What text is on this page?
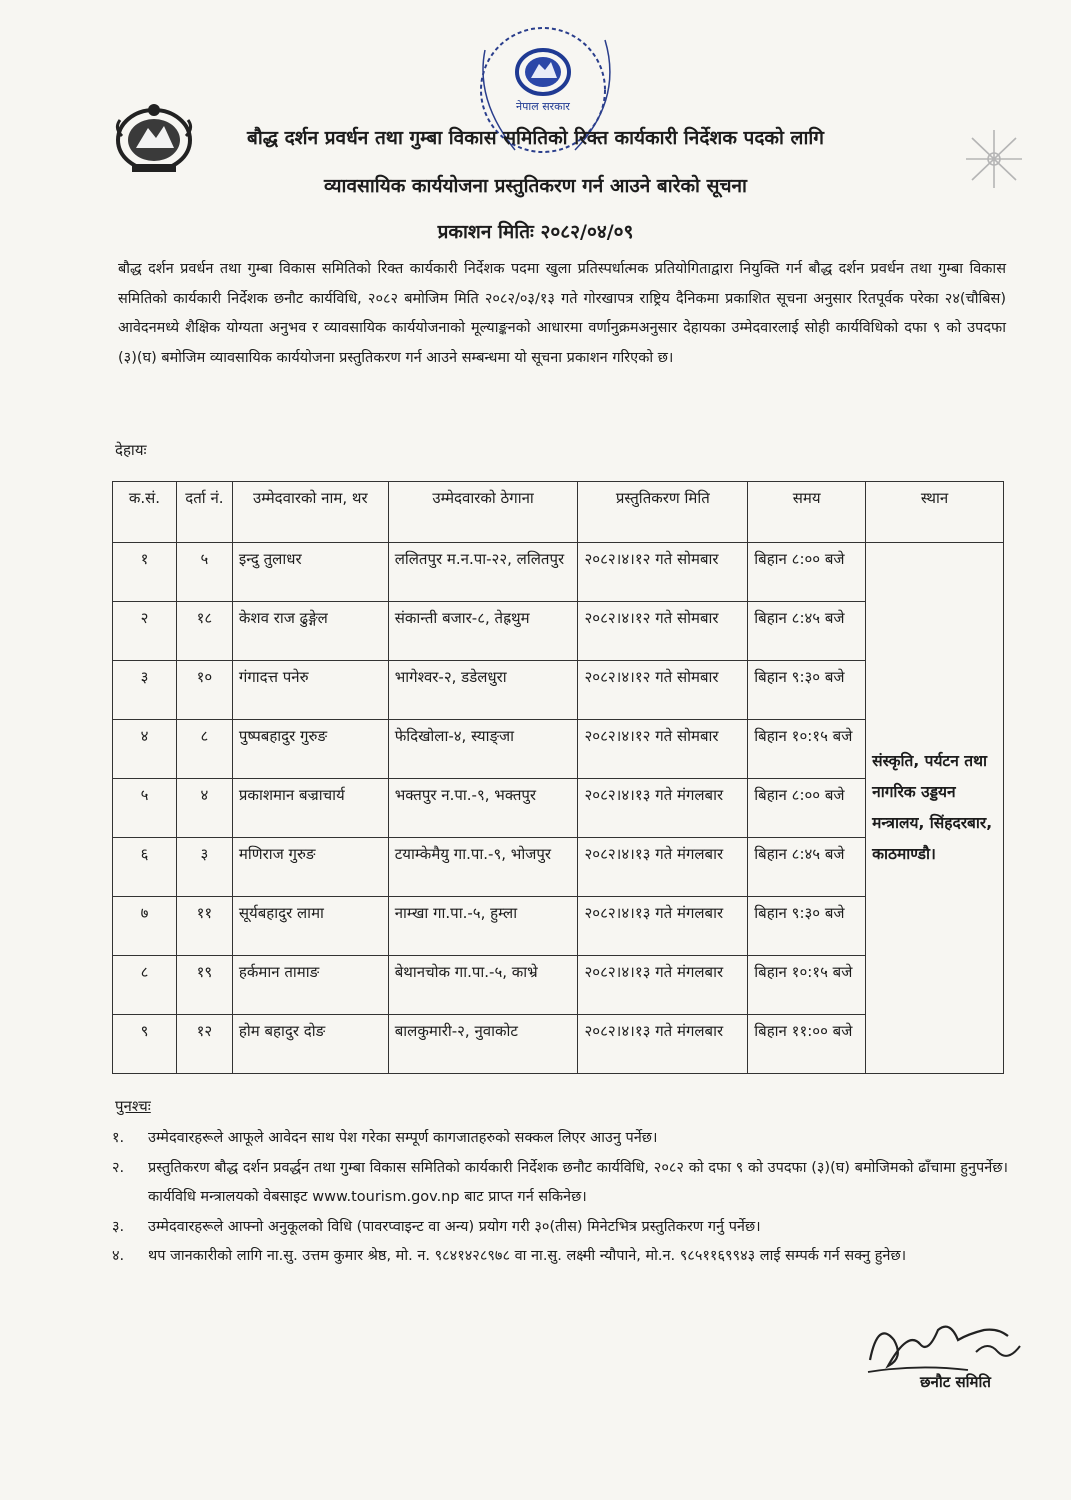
नेपाल सरकार
बौद्ध दर्शन प्रवर्धन तथा गुम्बा विकास समितिको रिक्त कार्यकारी निर्देशक पदको लागि
व्यावसायिक कार्ययोजना प्रस्तुतिकरण गर्न आउने बारेको सूचना
प्रकाशन मितिः २०८२/०४/०९
बौद्ध दर्शन प्रवर्धन तथा गुम्बा विकास समितिको रिक्त कार्यकारी निर्देशक पदमा खुला प्रतिस्पर्धात्मक प्रतियोगिताद्वारा नियुक्ति गर्न बौद्ध दर्शन प्रवर्धन तथा गुम्बा विकास समितिको कार्यकारी निर्देशक छनौट कार्यविधि, २०८२ बमोजिम मिति २०८२/०३/१३ गते गोरखापत्र राष्ट्रिय दैनिकमा प्रकाशित सूचना अनुसार रितपूर्वक परेका २४(चौबिस) आवेदनमध्ये शैक्षिक योग्यता अनुभव र व्यावसायिक कार्ययोजनाको मूल्याङ्कनको आधारमा वर्णानुक्रमअनुसार देहायका उम्मेदवारलाई सोही कार्यविधिको दफा ९ को उपदफा (३)(घ) बमोजिम व्यावसायिक कार्ययोजना प्रस्तुतिकरण गर्न आउने सम्बन्धमा यो सूचना प्रकाशन गरिएको छ।
देहायः
क.सं.	दर्ता नं.	उम्मेदवारको नाम, थर	उम्मेदवारको ठेगाना	प्रस्तुतिकरण मिति	समय	स्थान
१	५	इन्दु तुलाधर	ललितपुर म.न.पा-२२, ललितपुर	२०८२।४।१२ गते सोमबार	बिहान ८:०० बजे	संस्कृति, पर्यटन तथा नागरिक उड्डयन मन्त्रालय, सिंहदरबार, काठमाण्डौ।
२	१८	केशव राज ढुङ्गेल	संकान्ती बजार-८, तेह्रथुम	२०८२।४।१२ गते सोमबार	बिहान ८:४५ बजे	
३	१०	गंगादत्त पनेरु	भागेश्वर-२, डडेलधुरा	२०८२।४।१२ गते सोमबार	बिहान ९:३० बजे	
४	८	पुष्पबहादुर गुरुङ	फेदिखोला-४, स्याङ्जा	२०८२।४।१२ गते सोमबार	बिहान १०:१५ बजे	
५	४	प्रकाशमान बज्राचार्य	भक्तपुर न.पा.-९, भक्तपुर	२०८२।४।१३ गते मंगलबार	बिहान ८:०० बजे	
६	३	मणिराज गुरुङ	टयाम्केमैयु गा.पा.-९, भोजपुर	२०८२।४।१३ गते मंगलबार	बिहान ८:४५ बजे	
७	११	सूर्यबहादुर लामा	नाम्खा गा.पा.-५, हुम्ला	२०८२।४।१३ गते मंगलबार	बिहान ९:३० बजे	
८	१९	हर्कमान तामाङ	बेथानचोक गा.पा.-५, काभ्रे	२०८२।४।१३ गते मंगलबार	बिहान १०:१५ बजे	
९	१२	होम बहादुर दोङ	बालकुमारी-२, नुवाकोट	२०८२।४।१३ गते मंगलबार	बिहान ११:०० बजे	
पुनश्चः
१. उम्मेदवारहरूले आफूले आवेदन साथ पेश गरेका सम्पूर्ण कागजातहरुको सक्कल लिएर आउनु पर्नेछ।
२. प्रस्तुतिकरण बौद्ध दर्शन प्रवर्द्धन तथा गुम्बा विकास समितिको कार्यकारी निर्देशक छनौट कार्यविधि, २०८२ को दफा ९ को उपदफा (३)(घ) बमोजिमको ढाँचामा हुनुपर्नेछ। कार्यविधि मन्त्रालयको वेबसाइट www.tourism.gov.np बाट प्राप्त गर्न सकिनेछ।
३. उम्मेदवारहरूले आफ्नो अनुकूलको विधि (पावरप्वाइन्ट वा अन्य) प्रयोग गरी ३०(तीस) मिनेटभित्र प्रस्तुतिकरण गर्नु पर्नेछ।
४. थप जानकारीको लागि ना.सु. उत्तम कुमार श्रेष्ठ, मो. न. ९८४१४२८९७८ वा ना.सु. लक्ष्मी न्यौपाने, मो.न. ९८५११६९९४३ लाई सम्पर्क गर्न सक्नु हुनेछ।
छनौट समिति
